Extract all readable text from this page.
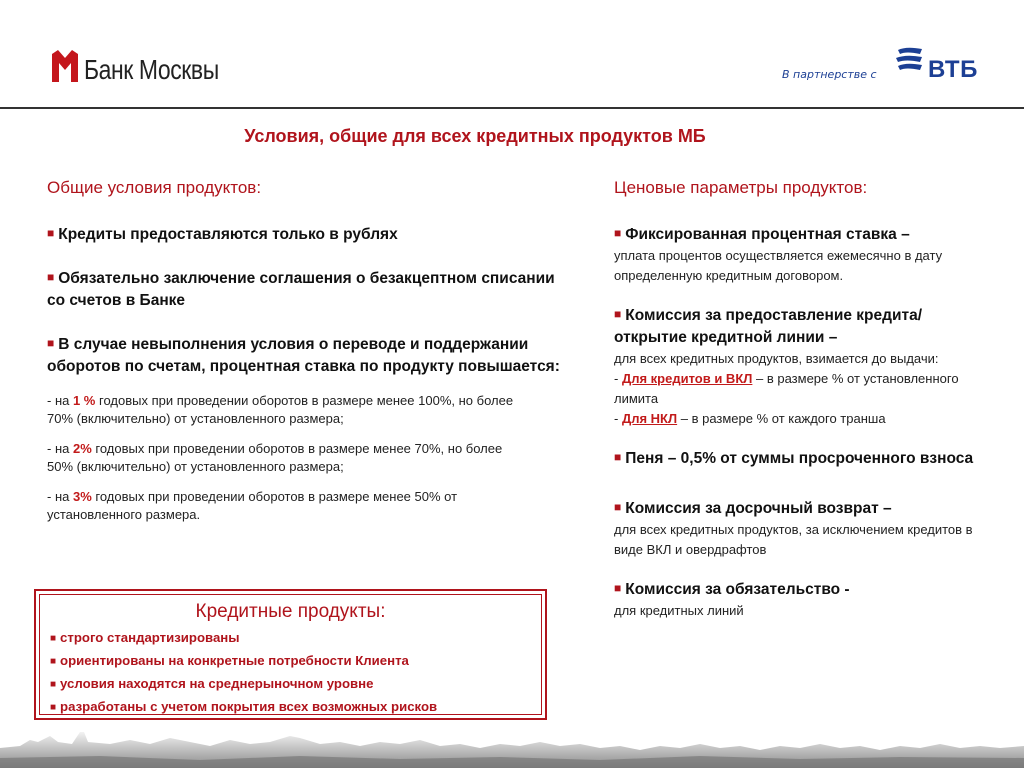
Банк Москвы	В партнерстве с ВТБ
Условия, общие для всех кредитных продуктов МБ
Общие условия продуктов:
■ Кредиты предоставляются только в рублях
■ Обязательно заключение соглашения о безакцептном списании со счетов в Банке
■ В случае невыполнения условия о переводе и поддержании оборотов по счетам, процентная ставка по продукту повышается:
- на 1 % годовых при проведении оборотов в размере менее 100%, но более 70% (включительно) от установленного размера;
- на 2% годовых при проведении оборотов в размере менее 70%, но более 50% (включительно) от установленного размера;
- на 3% годовых при проведении оборотов в размере менее 50% от установленного размера.
Кредитные продукты:
■ строго стандартизированы
■ ориентированы на конкретные потребности Клиента
■ условия находятся на среднерыночном уровне
■ разработаны с учетом покрытия всех возможных рисков
Ценовые параметры продуктов:
■ Фиксированная процентная ставка –
уплата процентов осуществляется ежемесячно в дату определенную кредитным договором.
■ Комиссия за предоставление кредита/открытие кредитной линии –
для всех кредитных продуктов, взимается до выдачи:
- Для кредитов и ВКЛ – в размере % от установленного лимита
- Для НКЛ – в размере % от каждого транша
■ Пеня – 0,5% от суммы просроченного взноса
■ Комиссия за досрочный возврат –
для всех кредитных продуктов, за исключением кредитов в виде ВКЛ и овердрафтов
■ Комиссия за обязательство -
для кредитных линий
